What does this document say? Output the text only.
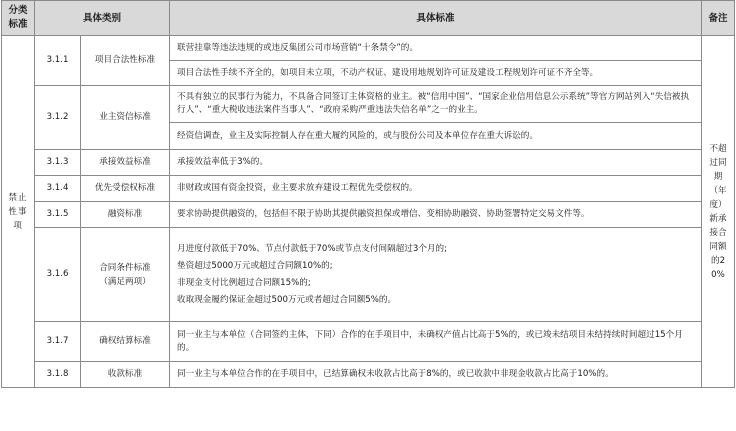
分类标准	具体类别		具体标准	备注
禁止性事项	3.1.1	项目合法性标准	联营挂靠等违法违规的或违反集团公司市场营销“十条禁令”的。	不超过同期（年度）新承接合同额的20%
			项目合法性手续不齐全的，如项目未立项，不动产权证、建设用地规划许可证及建设工程规划许可证不齐全等。	
	3.1.2	业主资信标准	不具有独立的民事行为能力，不具备合同签订主体资格的业主。被“信用中国”、“国家企业信用信息公示系统”等官方网站列入“失信被执行人”、“重大税收违法案件当事人”、“政府采购严重违法失信名单”之一的业主。	
			经资信调查，业主及实际控制人存在重大履约风险的，或与股份公司及本单位存在重大诉讼的。	
	3.1.3	承接效益标准	承接效益率低于3%的。	
	3.1.4	优先受偿权标准	非财政或国有资金投资，业主要求放弃建设工程优先受偿权的。	
	3.1.5	融资标准	要求协助提供融资的，包括但不限于协助其提供融资担保或增信、变相协助融资、协助签署特定交易文件等。	
	3.1.6	合同条件标准（满足两项）	月进度付款低于70%、节点付款低于70%或节点支付间隔超过3个月的;
垫资超过5000万元或超过合同额10%的;
非现金支付比例超过合同额15%的;
收取现金履约保证金超过500万元或者超过合同额5%的。	

	3.1.7	确权结算标准	同一业主与本单位（合同签约主体，下同）合作的在手项目中，未确权产值占比高于5%的，或已竣未结项目未结持续时间超过15个月的。	
	3.1.8	收款标准	同一业主与本单位合作的在手项目中，已结算确权未收款占比高于8%的，或已收款中非现金收款占比高于10%的。	
